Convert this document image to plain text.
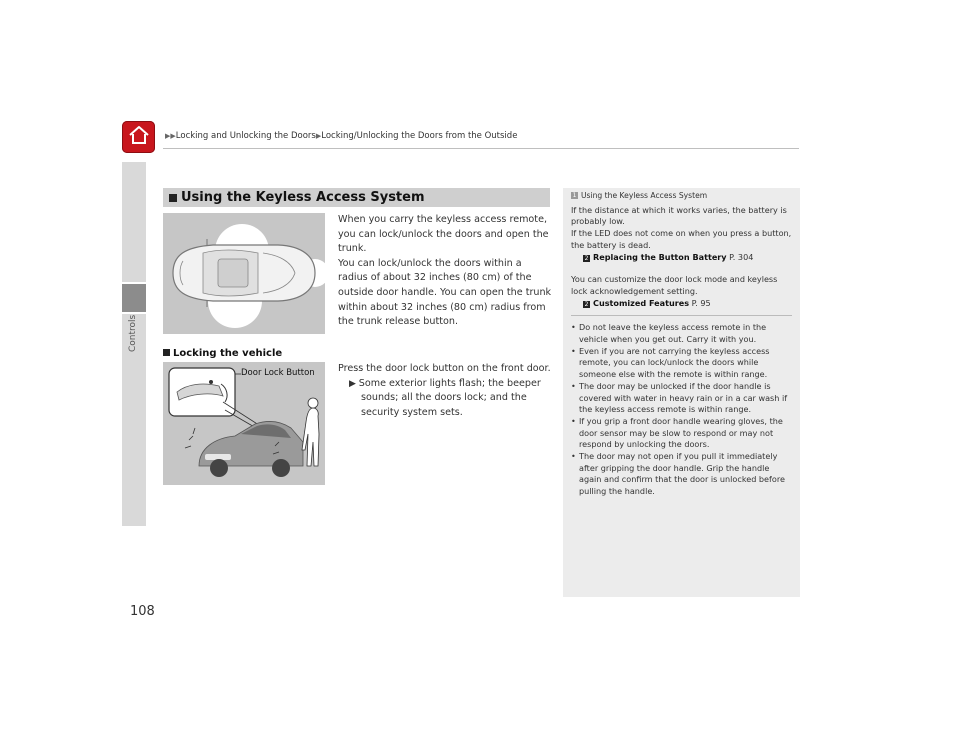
▶▶Locking and Unlocking the Doors▶Locking/Unlocking the Doors from the Outside
Controls
108
Using the Keyless Access System

When you carry the keyless access remote, you can lock/unlock the doors and open the trunk.

You can lock/unlock the doors within a radius of about 32 inches (80 cm) of the outside door handle. You can open the trunk within about 32 inches (80 cm) radius from the trunk release button.

Locking the vehicle
Door Lock Button Press the door lock button on the front door.

▶ Some exterior lights flash; the beeper sounds; all the doors lock; and the security system sets.

1 Using the Keyless Access System

If the distance at which it works varies, the battery is probably low.

If the LED does not come on when you press a button, the battery is dead.

2 Replacing the Button Battery P. 304

You can customize the door lock mode and keyless lock acknowledgement setting.

2 Customized Features P. 95

• Do not leave the keyless access remote in the vehicle when you get out. Carry it with you.
• Even if you are not carrying the keyless access remote, you can lock/unlock the doors while someone else with the remote is within range.
• The door may be unlocked if the door handle is covered with water in heavy rain or in a car wash if the keyless access remote is within range.
• If you grip a front door handle wearing gloves, the door sensor may be slow to respond or may not respond by unlocking the doors.
• The door may not open if you pull it immediately after gripping the door handle. Grip the handle again and confirm that the door is unlocked before pulling the handle.
